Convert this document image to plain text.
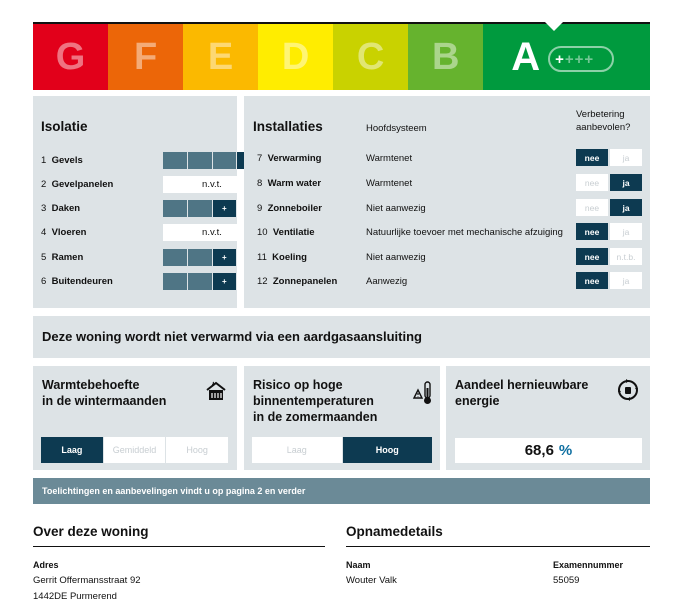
G F E D C B A + +++
Isolatie
1 Gevels
2 Gevelpanelen	n.v.t.
3 Daken	+
4 Vloeren	n.v.t.
5 Ramen	+
6 Buitendeuren	+
Installaties	Hoofdsysteem
Verbetering aanbevolen?
7 Verwarming	Warmtenet	nee	ja
8 Warm water	Warmtenet	nee	ja
9 Zonneboiler	Niet aanwezig	nee	ja
10 Ventilatie	Natuurlijke toevoer met mechanische afzuiging	nee	ja
11 Koeling	Niet aanwezig	nee	n.t.b.
12 Zonnepanelen	Aanwezig	nee	ja
Deze woning wordt niet verwarmd via een aardgasaansluiting
Warmtebehoefte
in de wintermaanden
Laag	Gemiddeld	Hoog
Risico op hoge
binnentemperaturen
in de zomermaanden
Laag	Hoog
Aandeel hernieuwbare
energie
68,6 %
Toelichtingen en aanbevelingen vindt u op pagina 2 en verder
Over deze woning
Adres
Gerrit Offermansstraat 92
1442DE Purmerend
Opnamedetails
Naam
Wouter Valk
Examennummer
55059
